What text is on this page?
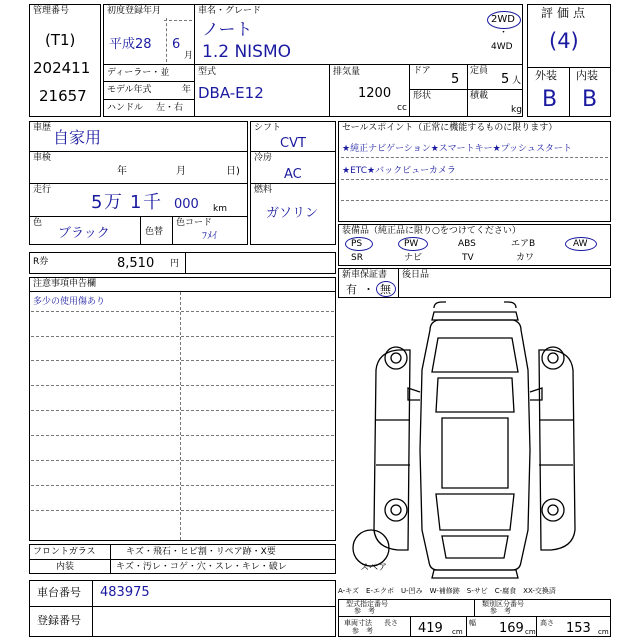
管理番号
(T1)
202411
21657
初度登録年月
平成28 6
月
ディーラー・並
モデル年式	年
ハンドル 左・右
車名・グレード
ノート
1.2 NISMO
2WD
・
4WD
型式
DBA-E12
排気量
1200
cc
ドア
5
定員
5 人
形状	積載
kg
評価点
(4)
外装 内装
B B
車歴 自家用
車検
年	月	日)
走行
5 万 1 千 000 km
色
ブラック	色替
色コード
ﾌﾒｲ
シフト
CVT
冷房
AC
燃料
ガソリン
セールスポイント（正常に機能するものに限ります）
★純正ナビゲーション★スマートキー★プッシュスタート
★ETC★バックビューカメラ
装備品（純正品に限り○をつけてください）
PS	PW	ABS	エアB	AW
SR	ナビ	TV	カワ
R券	8,510 円
新車保証書
有 ・ 無
後日品
注意事項申告欄
多少の使用傷あり
スペア
フロントガラス	キズ・飛石・ヒビ割・リペア跡・X要
内装	キズ・汚レ・コゲ・穴・スレ・キレ・破レ
車台番号 483975
登録番号
A-キズ　E-エクボ　U-凹み　W-補修跡　S-サビ　C-腐食　XX-交換済
型式指定番号
参　考
類別区分番号
参　考
車両寸法
参　考
長さ 419 cm
幅 169 cm
高さ 153 cm
